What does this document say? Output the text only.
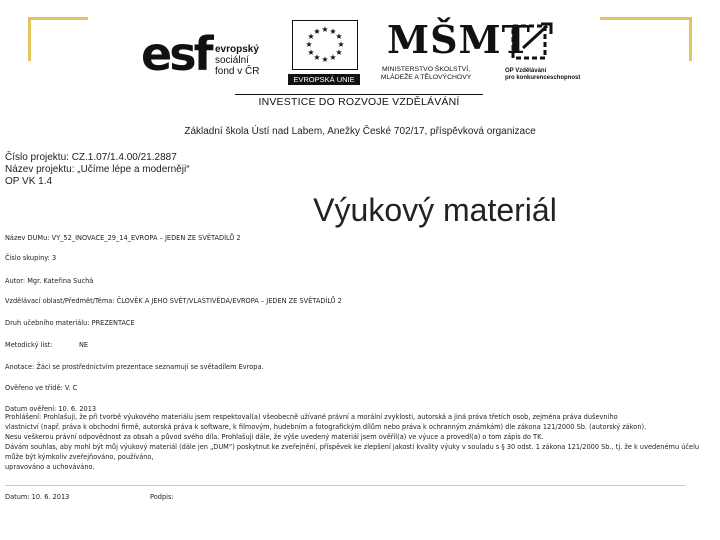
esf evropský
sociální
fond v ČR
★ ★
★
★
★
★
★
★
★
★
★
★
EVROPSKÁ UNIE
MŠMT
MINISTERSTVO ŠKOLSTVÍ,
MLÁDEŽE A TĚLOVÝCHOVY
OP Vzdělávání
pro konkurenceschopnost
INVESTICE DO ROZVOJE VZDĚLÁVÁNÍ
Základní škola Ústí nad Labem, Anežky České 702/17, příspěvková organizace
Číslo projektu: CZ.1.07/1.4.00/21.2887
Název projektu: „Učíme lépe a moderněji“
OP VK 1.4
Výukový materiál
Název DUMu: VY_52_INOVACE_29_14_EVROPA – JEDEN ZE SVĚTADÍLŮ 2
Číslo skupiny: 3
Autor: Mgr. Kateřina Suchá
Vzdělávací oblast/Předmět/Téma: ČLOVĚK A JEHO SVĚT/VLASTIVĚDA/EVROPA – JEDEN ZE SVĚTADÍLŮ 2
Druh učebního materiálu: PREZENTACE
Metodický list:	NE
Anotace: Žáci se prostřednictvím prezentace seznamují se světadílem Evropa.
Ověřeno ve třídě: V. C
Datum ověření: 10. 6. 2013
Prohlášení: Prohlašuji, že při tvorbě výukového materiálu jsem respektoval(a) všeobecně užívané právní a morální zvyklosti, autorská a jiná práva třetích osob, zejména práva duševního
vlastnictví (např. práva k obchodní firmě, autorská práva k software, k filmovým, hudebním a fotografickým dílům nebo práva k ochranným známkám) dle zákona 121/2000 Sb. (autorský zákon).
Nesu veškerou právní odpovědnost za obsah a původ svého díla. Prohlašuji dále, že výše uvedený materiál jsem ověřil(a) ve výuce a provedl(a) o tom zápis do TK.
Dávám souhlas, aby mohl být můj výukový materiál (dále jen „DUM“) poskytnut ke zveřejnění, příspěvek ke zlepšení jakosti kvality výuky v souladu s § 30 odst. 1 zákona 121/2000 Sb., tj. že k uvedenému účelu může být kýmkoliv zveřejňováno, používáno,
upravováno a uchováváno.
Datum: 10. 6. 2013	Podpis:
